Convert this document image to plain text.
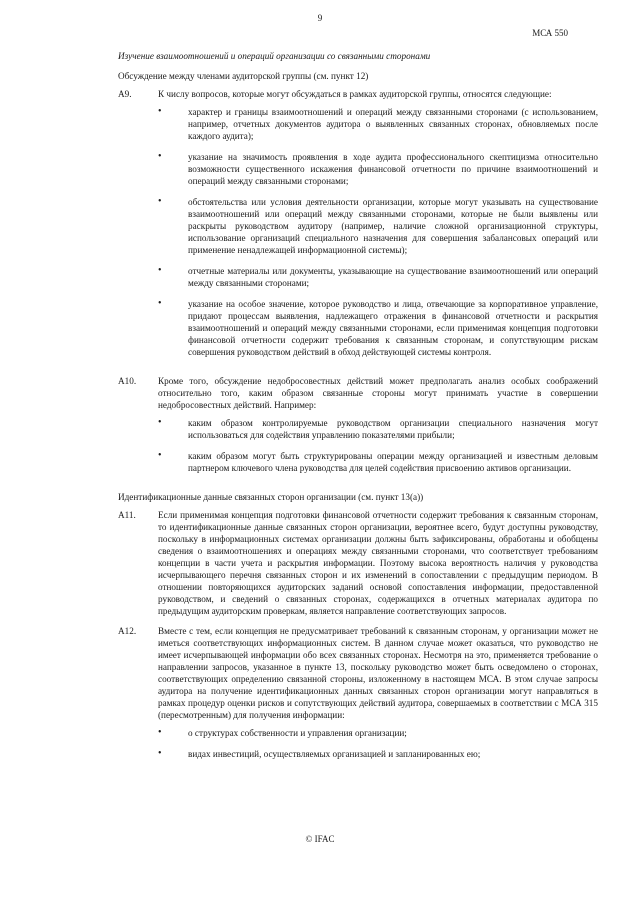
9
МСА 550
Изучение взаимоотношений и операций организации со связанными сторонами
Обсуждение между членами аудиторской группы (см. пункт 12)
A9.	К числу вопросов, которые могут обсуждаться в рамках аудиторской группы, относятся следующие:
•	характер и границы взаимоотношений и операций между связанными сторонами (с использованием, например, отчетных документов аудитора о выявленных связанных сторонах, обновляемых после каждого аудита);
•	указание на значимость проявления в ходе аудита профессионального скептицизма относительно возможности существенного искажения финансовой отчетности по причине взаимоотношений и операций между связанными сторонами;
•	обстоятельства или условия деятельности организации, которые могут указывать на существование взаимоотношений или операций между связанными сторонами, которые не были выявлены или раскрыты руководством аудитору (например, наличие сложной организационной структуры, использование организаций специального назначения для совершения забалансовых операций или применение ненадлежащей информационной системы);
•	отчетные материалы или документы, указывающие на существование взаимоотношений или операций между связанными сторонами;
•	указание на особое значение, которое руководство и лица, отвечающие за корпоративное управление, придают процессам выявления, надлежащего отражения в финансовой отчетности и раскрытия взаимоотношений и операций между связанными сторонами, если применимая концепция подготовки финансовой отчетности содержит требования к связанным сторонам, и сопутствующим рискам совершения руководством действий в обход действующей системы контроля.
A10.	Кроме того, обсуждение недобросовестных действий может предполагать анализ особых соображений относительно того, каким образом связанные стороны могут принимать участие в совершении недобросовестных действий. Например:
•	каким образом контролируемые руководством организации специального назначения могут использоваться для содействия управлению показателями прибыли;
•	каким образом могут быть структурированы операции между организацией и известным деловым партнером ключевого члена руководства для целей содействия присвоению активов организации.
Идентификационные данные связанных сторон организации (см. пункт 13(а))
A11.	Если применимая концепция подготовки финансовой отчетности содержит требования к связанным сторонам, то идентификационные данные связанных сторон организации, вероятнее всего, будут доступны руководству, поскольку в информационных системах организации должны быть зафиксированы, обработаны и обобщены сведения о взаимоотношениях и операциях между связанными сторонами, что соответствует требованиям концепции в части учета и раскрытия информации. Поэтому высока вероятность наличия у руководства исчерпывающего перечня связанных сторон и их изменений в сопоставлении с предыдущим периодом. В отношении повторяющихся аудиторских заданий основой сопоставления информации, предоставленной руководством, и сведений о связанных сторонах, содержащихся в отчетных материалах аудитора по предыдущим аудиторским проверкам, является направление соответствующих запросов.
A12.	Вместе с тем, если концепция не предусматривает требований к связанным сторонам, у организации может не иметься соответствующих информационных систем. В данном случае может оказаться, что руководство не имеет исчерпывающей информации обо всех связанных сторонах. Несмотря на это, применяется требование о направлении запросов, указанное в пункте 13, поскольку руководство может быть осведомлено о сторонах, соответствующих определению связанной стороны, изложенному в настоящем МСА. В этом случае запросы аудитора на получение идентификационных данных связанных сторон организации могут направляться в рамках процедур оценки рисков и сопутствующих действий аудитора, совершаемых в соответствии с МСА 315 (пересмотренным) для получения информации:
•	о структурах собственности и управления организации;
•	видах инвестиций, осуществляемых организацией и запланированных ею;
© IFAC
